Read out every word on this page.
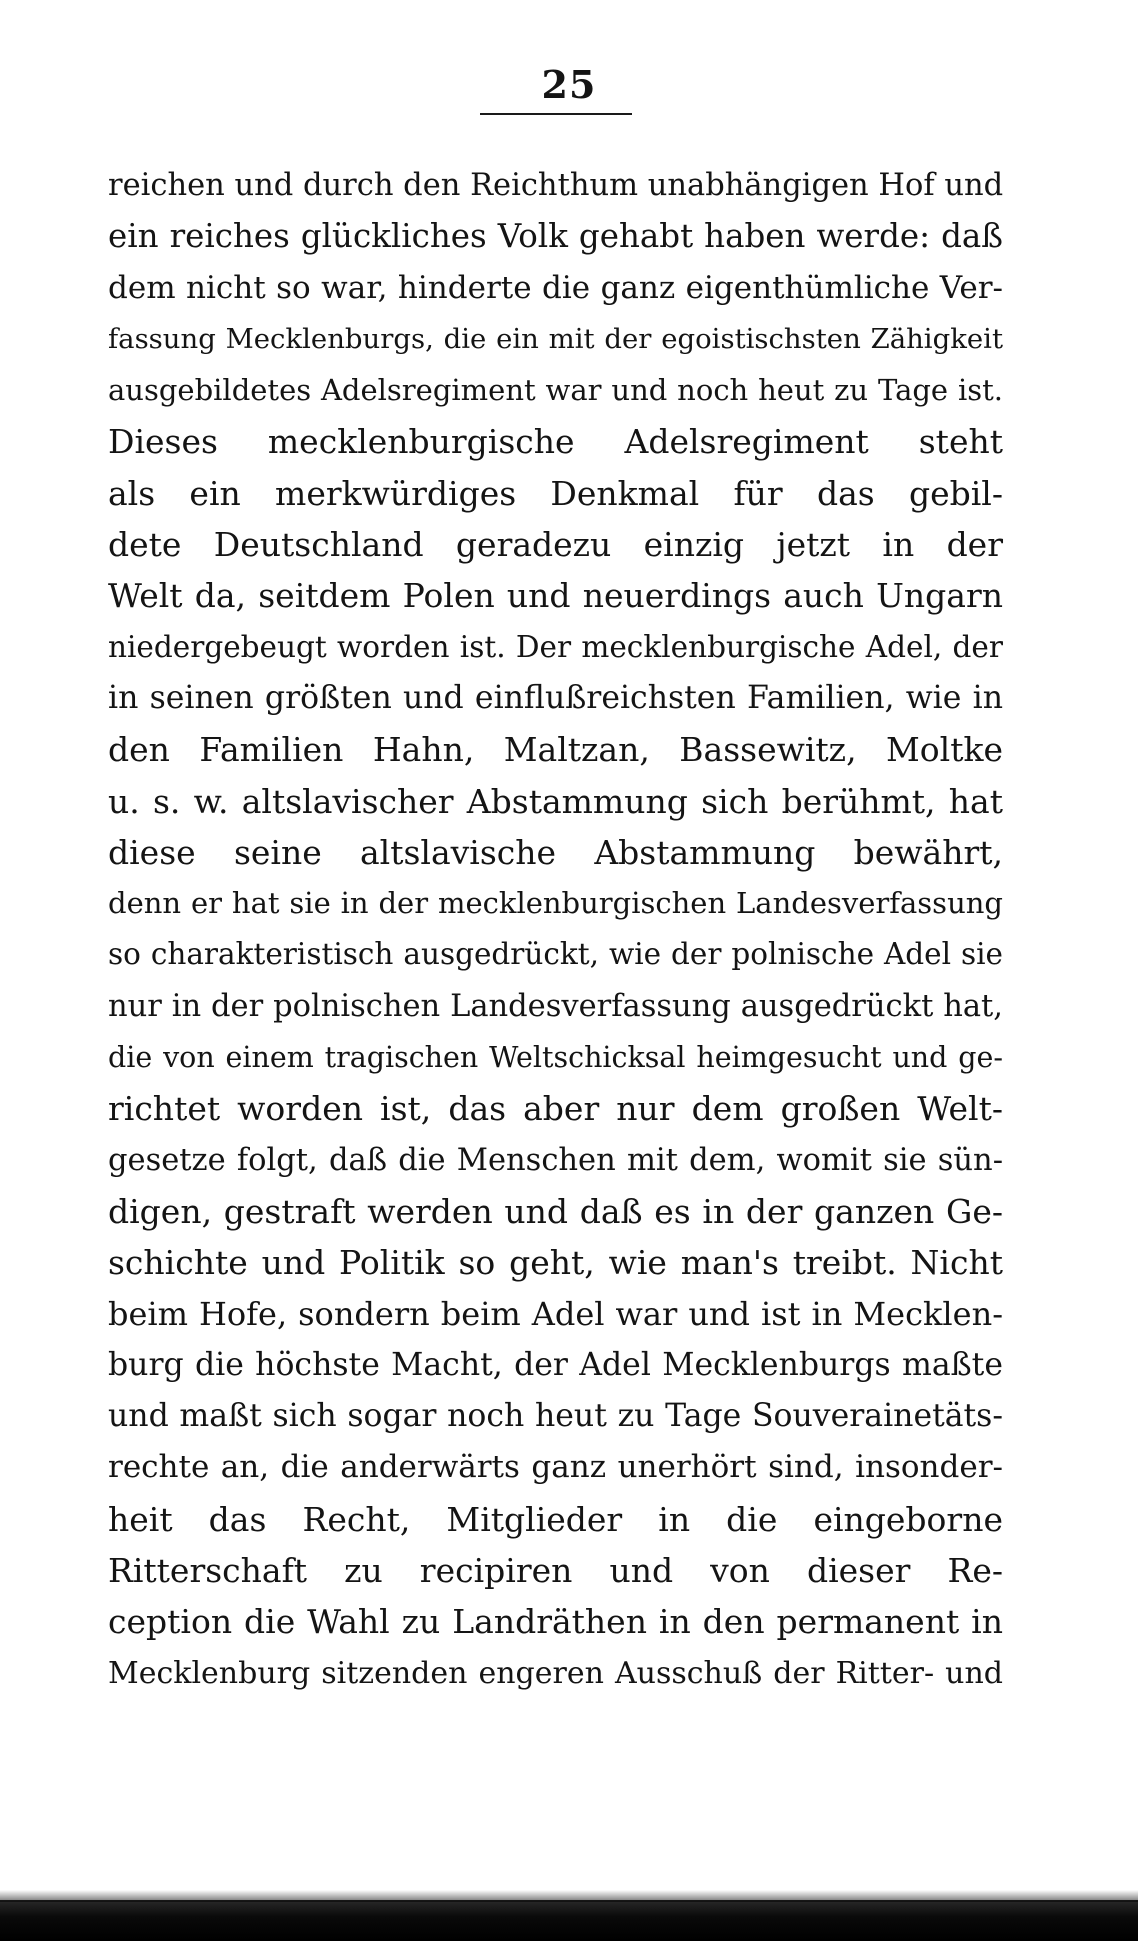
25
reichen und durch den Reichthum unabhängigen Hof und
ein reiches glückliches Volk gehabt haben werde: daß
dem nicht so war, hinderte die ganz eigenthümliche Ver-
fassung Mecklenburgs, die ein mit der egoistischsten Zähigkeit
ausgebildetes Adelsregiment war und noch heut zu Tage ist.
Dieses mecklenburgische Adelsregiment steht
als ein merkwürdiges Denkmal für das gebil-
dete Deutschland geradezu einzig jetzt in der
Welt da, seitdem Polen und neuerdings auch Ungarn
niedergebeugt worden ist. Der mecklenburgische Adel, der
in seinen größten und einflußreichsten Familien, wie in
den Familien Hahn, Maltzan, Bassewitz, Moltke
u. s. w. altslavischer Abstammung sich berühmt, hat
diese seine altslavische Abstammung bewährt,
denn er hat sie in der mecklenburgischen Landesverfassung
so charakteristisch ausgedrückt, wie der polnische Adel sie
nur in der polnischen Landesverfassung ausgedrückt hat,
die von einem tragischen Weltschicksal heimgesucht und ge-
richtet worden ist, das aber nur dem großen Welt-
gesetze folgt, daß die Menschen mit dem, womit sie sün-
digen, gestraft werden und daß es in der ganzen Ge-
schichte und Politik so geht, wie man's treibt. Nicht
beim Hofe, sondern beim Adel war und ist in Mecklen-
burg die höchste Macht, der Adel Mecklenburgs maßte
und maßt sich sogar noch heut zu Tage Souverainetäts-
rechte an, die anderwärts ganz unerhört sind, insonder-
heit das Recht, Mitglieder in die eingeborne
Ritterschaft zu recipiren und von dieser Re-
ception die Wahl zu Landräthen in den permanent in
Mecklenburg sitzenden engeren Ausschuß der Ritter- und
